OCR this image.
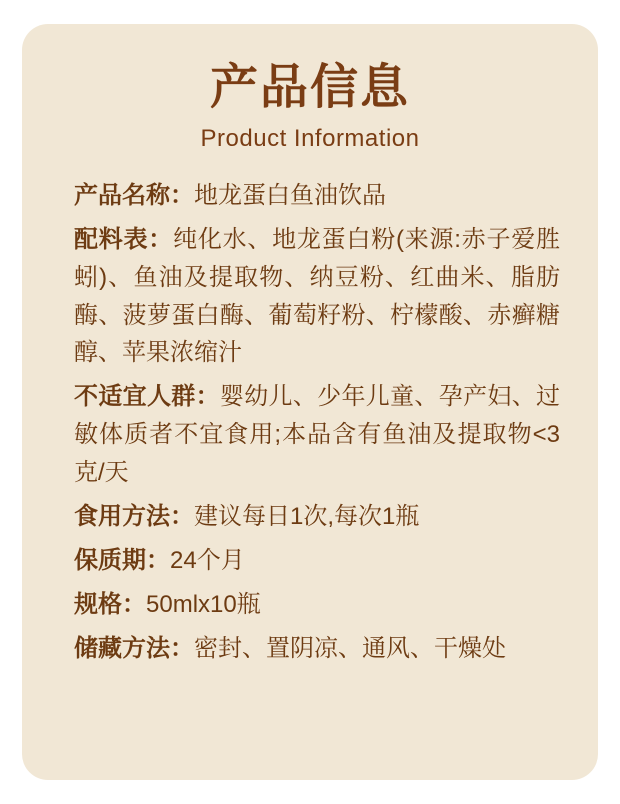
产品信息
Product Information
产品名称：地龙蛋白鱼油饮品
配料表：纯化水、地龙蛋白粉(来源:赤子爱胜蚓)、鱼油及提取物、纳豆粉、红曲米、脂肪酶、菠萝蛋白酶、葡萄籽粉、柠檬酸、赤癣糖醇、苹果浓缩汁
不适宜人群：婴幼儿、少年儿童、孕产妇、过敏体质者不宜食用;本品含有鱼油及提取物<3克/天
食用方法：建议每日1次,每次1瓶
保质期：24个月
规格：50mlx10瓶
储藏方法：密封、置阴凉、通风、干燥处
